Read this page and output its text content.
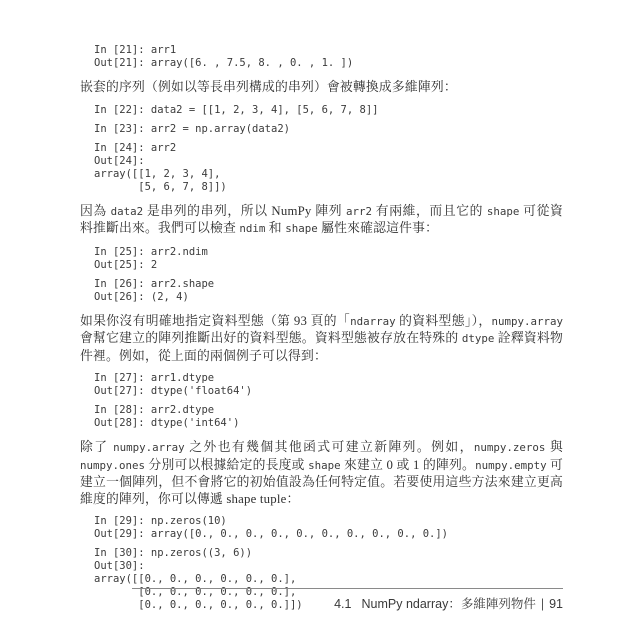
In [21]: arr1
Out[21]: array([6. , 7.5, 8. , 0. , 1. ])

嵌套的序列（例如以等長串列構成的串列）會被轉換成多維陣列：

In [22]: data2 = [[1, 2, 3, 4], [5, 6, 7, 8]]
In [23]: arr2 = np.array(data2)
In [24]: arr2
Out[24]:
array([[1, 2, 3, 4],
[5, 6, 7, 8]])

因為 data2 是串列的串列，所以 NumPy 陣列 arr2 有兩維，而且它的 shape 可從資料推斷出來。我們可以檢查 ndim 和 shape 屬性來確認這件事：

In [25]: arr2.ndim
Out[25]: 2
In [26]: arr2.shape
Out[26]: (2, 4)

如果你沒有明確地指定資料型態（第 93 頁的「ndarray 的資料型態」），numpy.array 會幫它建立的陣列推斷出好的資料型態。資料型態被存放在特殊的 dtype 詮釋資料物件裡。例如，從上面的兩個例子可以得到：

In [27]: arr1.dtype
Out[27]: dtype('float64')
In [28]: arr2.dtype
Out[28]: dtype('int64')

除了 numpy.array 之外也有幾個其他函式可建立新陣列。例如，numpy.zeros 與 numpy.ones 分別可以根據給定的長度或 shape 來建立 0 或 1 的陣列。numpy.empty 可建立一個陣列，但不會將它的初始值設為任何特定值。若要使用這些方法來建立更高維度的陣列，你可以傳遞 shape tuple：

In [29]: np.zeros(10)
Out[29]: array([0., 0., 0., 0., 0., 0., 0., 0., 0., 0.])
In [30]: np.zeros((3, 6))
Out[30]:
array([[0., 0., 0., 0., 0., 0.],
[0., 0., 0., 0., 0., 0.],
[0., 0., 0., 0., 0., 0.]])	4.1 NumPy ndarray：多維陣列物件 | 91
